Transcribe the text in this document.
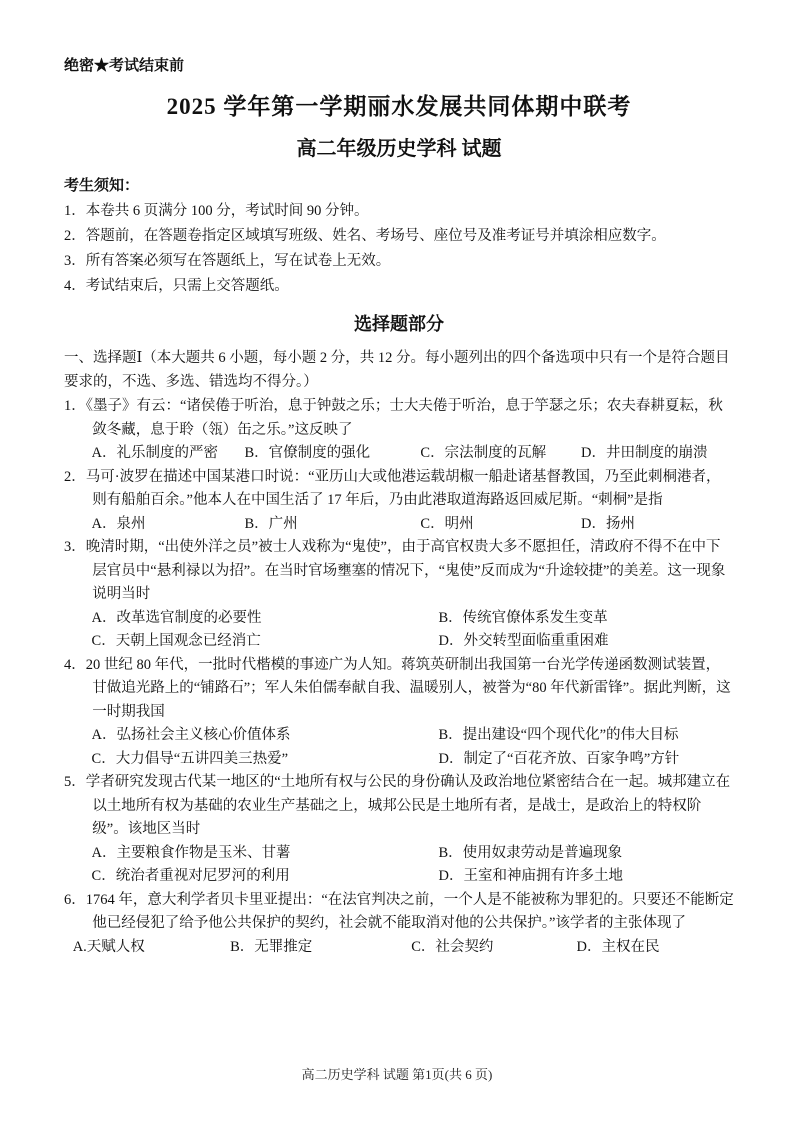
绝密★考试结束前
2025 学年第一学期丽水发展共同体期中联考
高二年级历史学科 试题
考生须知：
1．本卷共 6 页满分 100 分，考试时间 90 分钟。
2．答题前，在答题卷指定区域填写班级、姓名、考场号、座位号及准考证号并填涂相应数字。
3．所有答案必须写在答题纸上，写在试卷上无效。
4．考试结束后，只需上交答题纸。
选择题部分
一、选择题Ⅰ（本大题共 6 小题，每小题 2 分，共 12 分。每小题列出的四个备选项中只有一个是符合题目要求的，不选、多选、错选均不得分。）
1．《墨子》有云：“诸侯倦于听治，息于钟鼓之乐；士大夫倦于听治，息于竽瑟之乐；农夫春耕夏耘，秋敛冬藏，息于聆（瓴）缶之乐。”这反映了
A．礼乐制度的严密	B．官僚制度的强化	C．宗法制度的瓦解	D．井田制度的崩溃
2．马可·波罗在描述中国某港口时说：“亚历山大或他港运载胡椒一船赴诸基督教国，乃至此刺桐港者，则有船舶百余。”他本人在中国生活了 17 年后，乃由此港取道海路返回威尼斯。“刺桐”是指
A．泉州	B．广州	C．明州	D．扬州
3．晚清时期，“出使外洋之员”被士人戏称为“鬼使”，由于高官权贵大多不愿担任，清政府不得不在中下层官员中“悬利禄以为招”。在当时官场壅塞的情况下，“鬼使”反而成为“升途较捷”的美差。这一现象说明当时
A．改革选官制度的必要性	B．传统官僚体系发生变革
C．天朝上国观念已经消亡	D．外交转型面临重重困难
4．20 世纪 80 年代，一批时代楷模的事迹广为人知。蒋筑英研制出我国第一台光学传递函数测试装置，甘做追光路上的“铺路石”；军人朱伯儒奉献自我、温暖别人，被誉为“80 年代新雷锋”。据此判断，这一时期我国
A．弘扬社会主义核心价值体系	B．提出建设“四个现代化”的伟大目标
C．大力倡导“五讲四美三热爱”	D．制定了“百花齐放、百家争鸣”方针
5．学者研究发现古代某一地区的“土地所有权与公民的身份确认及政治地位紧密结合在一起。城邦建立在以土地所有权为基础的农业生产基础之上，城邦公民是土地所有者，是战士，是政治上的特权阶级”。该地区当时
A．主要粮食作物是玉米、甘薯	B．使用奴隶劳动是普遍现象
C．统治者重视对尼罗河的利用	D．王室和神庙拥有许多土地
6．1764 年，意大利学者贝卡里亚提出：“在法官判决之前，一个人是不能被称为罪犯的。只要还不能断定他已经侵犯了给予他公共保护的契约，社会就不能取消对他的公共保护。”该学者的主张体现了
A.天赋人权	B．无罪推定	C．社会契约	D．主权在民
高二历史学科 试题 第1页(共 6 页)
